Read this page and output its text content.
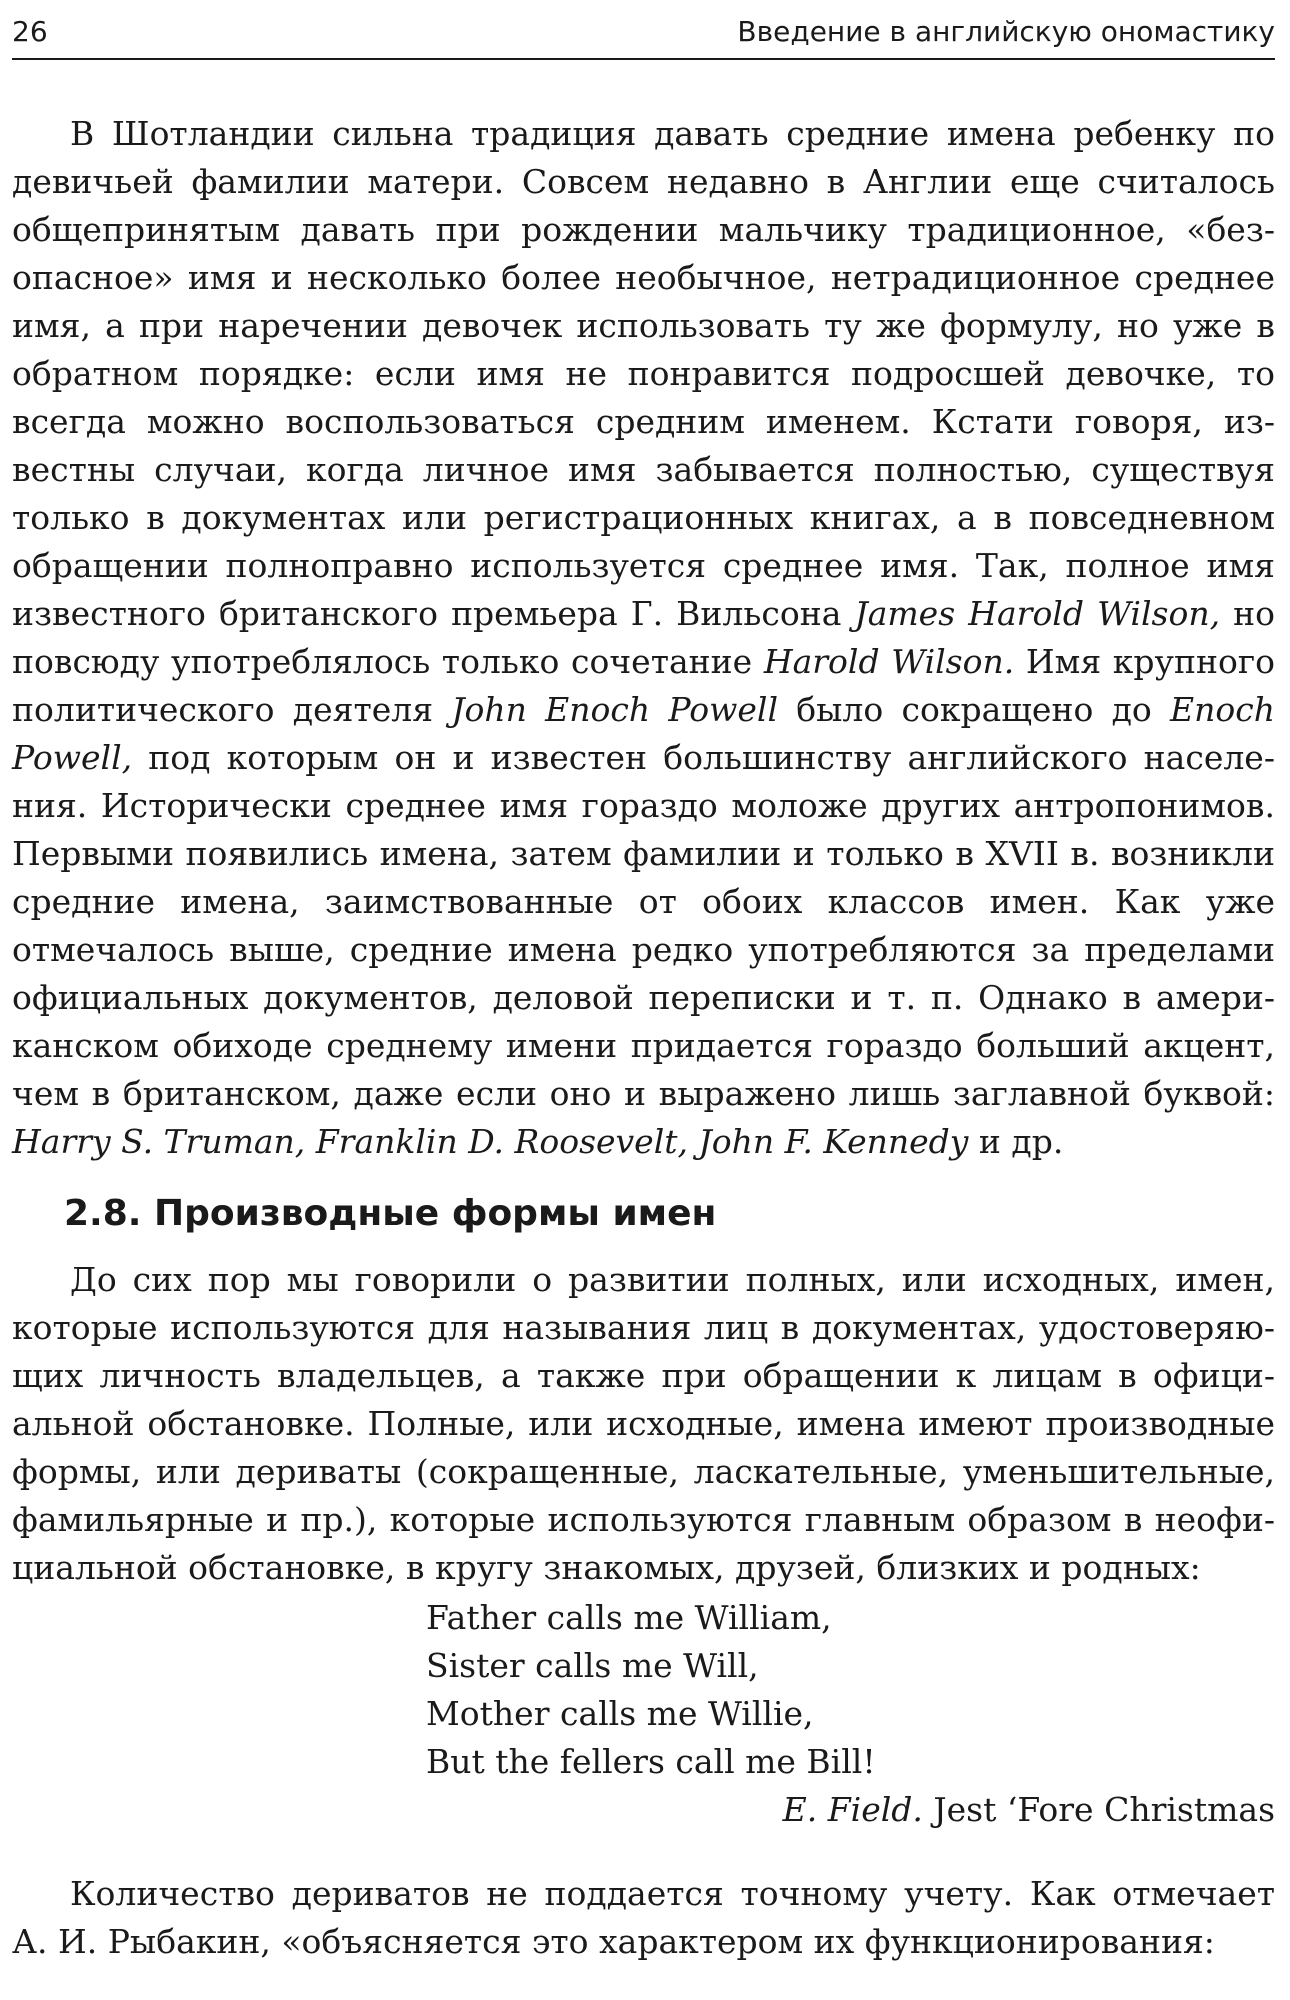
26	Введение в английскую ономастику

В Шотландии сильна традиция давать средние имена ребенку по девичьей фамилии матери. Совсем недавно в Англии еще считалось общепринятым давать при рождении мальчику традиционное, «безопасное» имя и несколько более необычное, нетрадиционное среднее имя, а при наречении девочек использовать ту же формулу, но уже в обратном порядке: если имя не понравится подросшей девочке, то всегда можно воспользоваться средним именем. Кстати говоря, известны случаи, когда личное имя забывается полностью, существуя только в документах или регистрационных книгах, а в повседневном обращении полноправно используется среднее имя. Так, полное имя известного британского премьера Г. Вильсона James Harold Wilson, но повсюду употреблялось только сочетание Harold Wilson. Имя крупного политического деятеля John Enoch Powell было сокращено до Enoch Powell, под которым он и известен большинству английского населения. Исторически среднее имя гораздо моложе других антропонимов. Первыми появились имена, затем фамилии и только в XVII в. возникли средние имена, заимствованные от обоих классов имен. Как уже отмечалось выше, средние имена редко употребляются за пределами официальных документов, деловой переписки и т. п. Однако в американском обиходе среднему имени придается гораздо больший акцент, чем в британском, даже если оно и выражено лишь заглавной буквой: Harry S. Truman, Franklin D. Roosevelt, John F. Kennedy и др.

2.8. Производные формы имен

До сих пор мы говорили о развитии полных, или исходных, имен, которые используются для называния лиц в документах, удостоверяющих личность владельцев, а также при обращении к лицам в официальной обстановке. Полные, или исходные, имена имеют производные формы, или дериваты (сокращенные, ласкательные, уменьшительные, фамильярные и пр.), которые используются главным образом в неофициальной обстановке, в кругу знакомых, друзей, близких и родных:

Father calls me William,
Sister calls me Will,
Mother calls me Willie,
But the fellers call me Bill!
E. Field. Jest ‘Fore Christmas

Количество дериватов не поддается точному учету. Как отмечает А. И. Рыбакин, «объясняется это характером их функционирования:
